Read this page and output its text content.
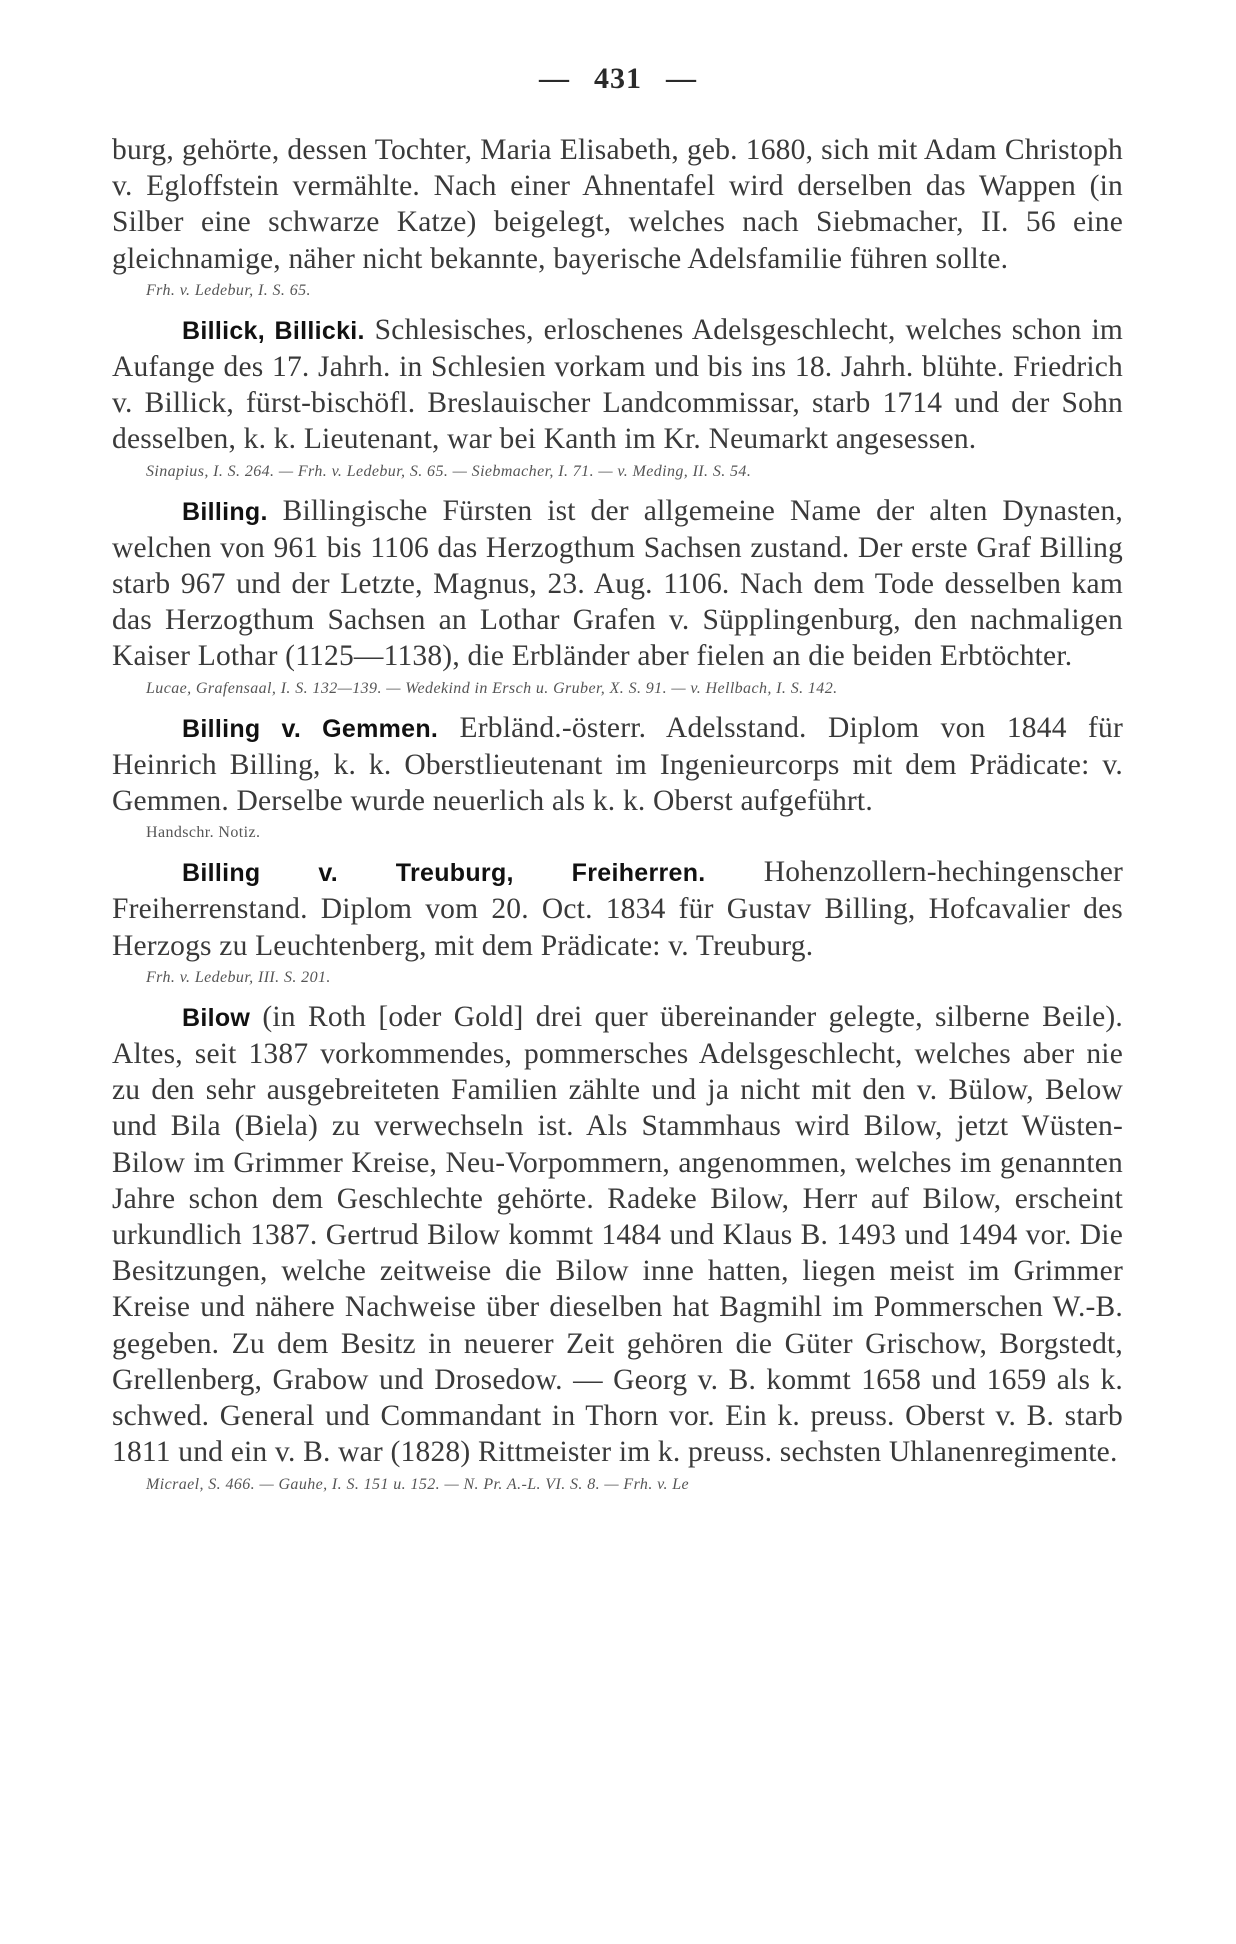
— 431 —

burg, gehörte, dessen Tochter, Maria Elisabeth, geb. 1680, sich mit Adam Christoph v. Egloffstein vermählte. Nach einer Ahnentafel wird derselben das Wappen (in Silber eine schwarze Katze) beigelegt, welches nach Siebmacher, II. 56 eine gleichnamige, näher nicht bekannte, bayerische Adelsfamilie führen sollte.

Frh. v. Ledebur, I. S. 65.

Billick, Billicki. Schlesisches, erloschenes Adelsgeschlecht, welches schon im Aufange des 17. Jahrh. in Schlesien vorkam und bis ins 18. Jahrh. blühte. Friedrich v. Billick, fürst-bischöfl. Breslauischer Landcommissar, starb 1714 und der Sohn desselben, k. k. Lieutenant, war bei Kanth im Kr. Neumarkt angesessen.

Sinapius, I. S. 264. — Frh. v. Ledebur, S. 65. — Siebmacher, I. 71. — v. Meding, II. S. 54.

Billing. Billingische Fürsten ist der allgemeine Name der alten Dynasten, welchen von 961 bis 1106 das Herzogthum Sachsen zustand. Der erste Graf Billing starb 967 und der Letzte, Magnus, 23. Aug. 1106. Nach dem Tode desselben kam das Herzogthum Sachsen an Lothar Grafen v. Süpplingenburg, den nachmaligen Kaiser Lothar (1125—1138), die Erbländer aber fielen an die beiden Erbtöchter.

Lucae, Grafensaal, I. S. 132—139. — Wedekind in Ersch u. Gruber, X. S. 91. — v. Hellbach, I. S. 142.

Billing v. Gemmen. Erbländ.-österr. Adelsstand. Diplom von 1844 für Heinrich Billing, k. k. Oberstlieutenant im Ingenieurcorps mit dem Prädicate: v. Gemmen. Derselbe wurde neuerlich als k. k. Oberst aufgeführt.

Handschr. Notiz.

Billing v. Treuburg, Freiherren. Hohenzollern-hechingenscher Freiherrenstand. Diplom vom 20. Oct. 1834 für Gustav Billing, Hofcavalier des Herzogs zu Leuchtenberg, mit dem Prädicate: v. Treuburg.

Frh. v. Ledebur, III. S. 201.

Bilow (in Roth [oder Gold] drei quer übereinander gelegte, silberne Beile). Altes, seit 1387 vorkommendes, pommersches Adelsgeschlecht, welches aber nie zu den sehr ausgebreiteten Familien zählte und ja nicht mit den v. Bülow, Below und Bila (Biela) zu verwechseln ist. Als Stammhaus wird Bilow, jetzt Wüsten-Bilow im Grimmer Kreise, Neu-Vorpommern, angenommen, welches im genannten Jahre schon dem Geschlechte gehörte. Radeke Bilow, Herr auf Bilow, erscheint urkundlich 1387. Gertrud Bilow kommt 1484 und Klaus B. 1493 und 1494 vor. Die Besitzungen, welche zeitweise die Bilow inne hatten, liegen meist im Grimmer Kreise und nähere Nachweise über dieselben hat Bagmihl im Pommerschen W.-B. gegeben. Zu dem Besitz in neuerer Zeit gehören die Güter Grischow, Borgstedt, Grellenberg, Grabow und Drosedow. — Georg v. B. kommt 1658 und 1659 als k. schwed. General und Commandant in Thorn vor. Ein k. preuss. Oberst v. B. starb 1811 und ein v. B. war (1828) Rittmeister im k. preuss. sechsten Uhlanenregimente.

Micrael, S. 466. — Gauhe, I. S. 151 u. 152. — N. Pr. A.-L. VI. S. 8. — Frh. v. Le
